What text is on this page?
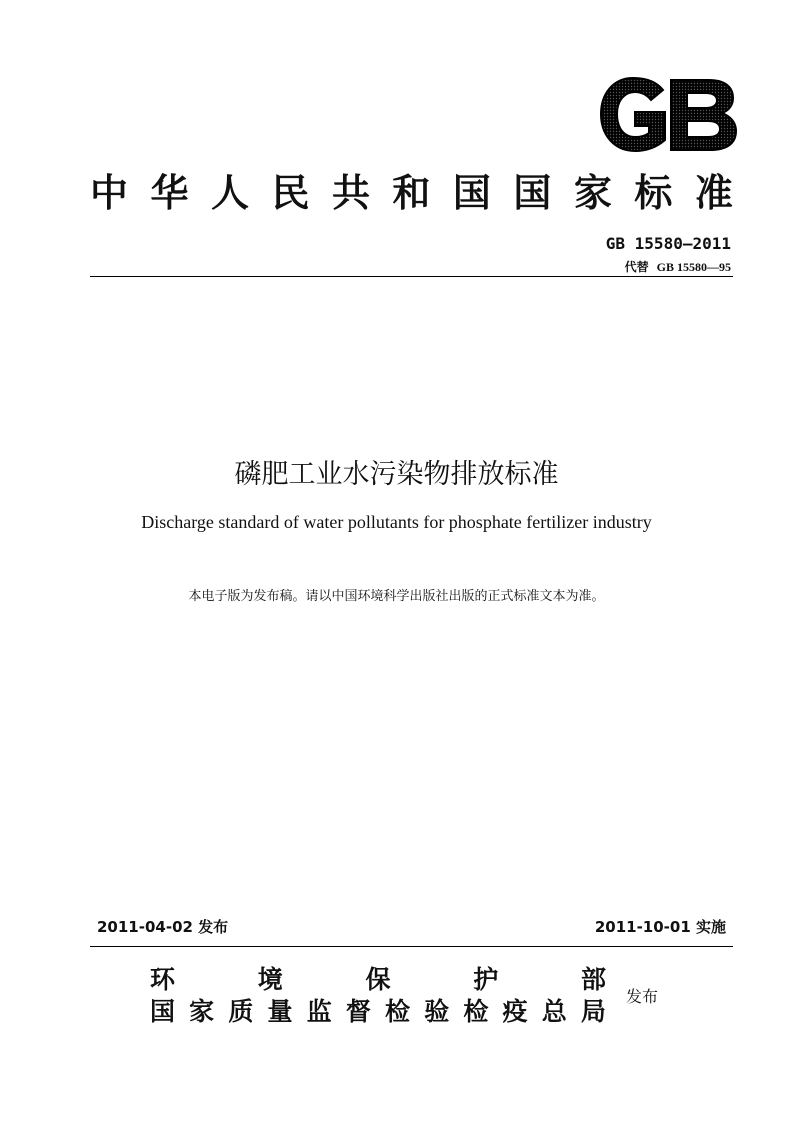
中 华 人 民 共 和 国 国 家 标 准
GB 15580—2011
代替 GB 15580—95
磷肥工业水污染物排放标准
Discharge standard of water pollutants for phosphate fertilizer industry
本电子版为发布稿。请以中国环境科学出版社出版的正式标准文本为准。
2011-04-02 发布	2011-10-01 实施
环	境	保	护	部
国 家 质 量 监 督 检 验 检 疫 总 局
发布
